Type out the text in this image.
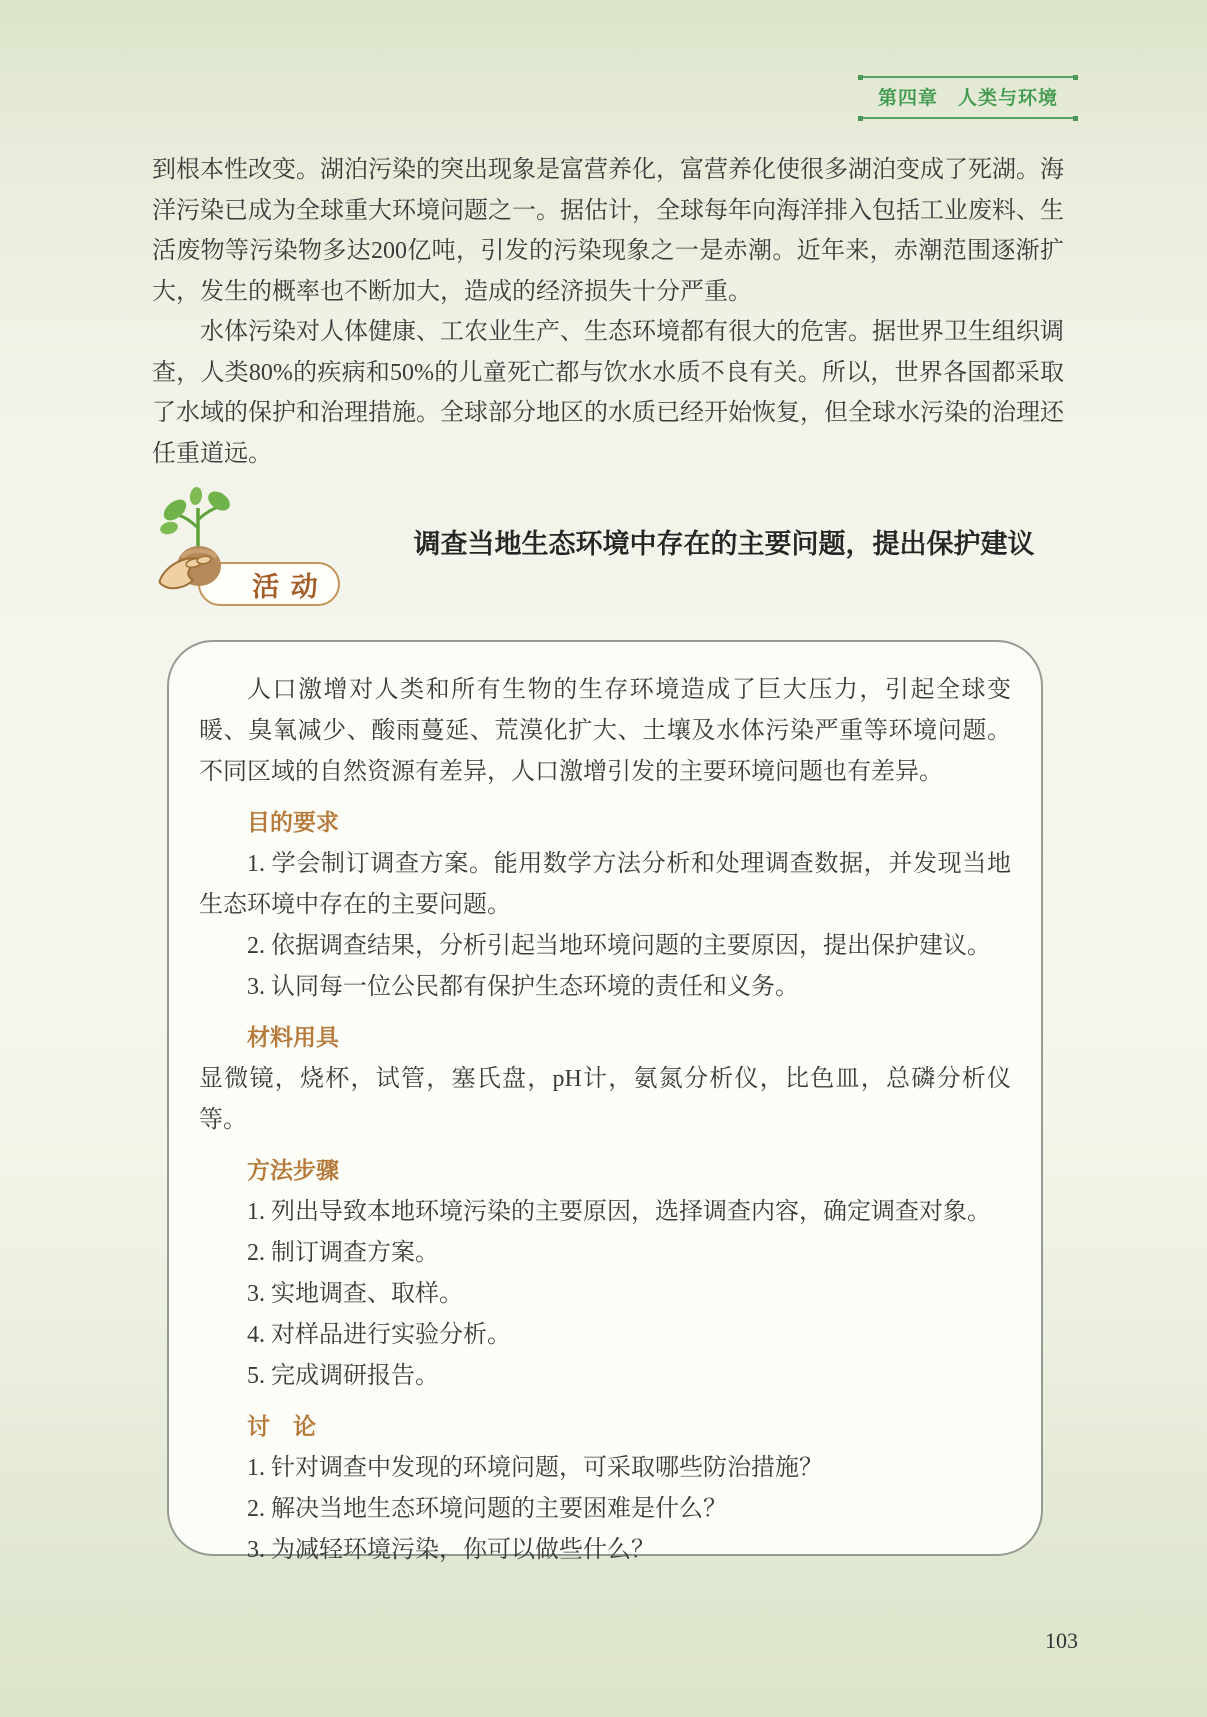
第四章　人类与环境

到根本性改变。湖泊污染的突出现象是富营养化，富营养化使很多湖泊变成了死湖。海洋污染已成为全球重大环境问题之一。据估计，全球每年向海洋排入包括工业废料、生活废物等污染物多达200亿吨，引发的污染现象之一是赤潮。近年来，赤潮范围逐渐扩大，发生的概率也不断加大，造成的经济损失十分严重。

水体污染对人体健康、工农业生产、生态环境都有很大的危害。据世界卫生组织调查，人类80%的疾病和50%的儿童死亡都与饮水水质不良有关。所以，世界各国都采取了水域的保护和治理措施。全球部分地区的水质已经开始恢复，但全球水污染的治理还任重道远。

活 动
调查当地生态环境中存在的主要问题，提出保护建议

人口激增对人类和所有生物的生存环境造成了巨大压力，引起全球变暖、臭氧减少、酸雨蔓延、荒漠化扩大、土壤及水体污染严重等环境问题。不同区域的自然资源有差异，人口激增引发的主要环境问题也有差异。

目的要求

1. 学会制订调查方案。能用数学方法分析和处理调查数据，并发现当地生态环境中存在的主要问题。

2. 依据调查结果，分析引起当地环境问题的主要原因，提出保护建议。

3. 认同每一位公民都有保护生态环境的责任和义务。

材料用具

显微镜，烧杯，试管，塞氏盘，pH计，氨氮分析仪，比色皿，总磷分析仪等。

方法步骤

1. 列出导致本地环境污染的主要原因，选择调查内容，确定调查对象。

2. 制订调查方案。

3. 实地调查、取样。

4. 对样品进行实验分析。

5. 完成调研报告。

讨　论

1. 针对调查中发现的环境问题，可采取哪些防治措施？

2. 解决当地生态环境问题的主要困难是什么？

3. 为减轻环境污染，你可以做些什么？

103
